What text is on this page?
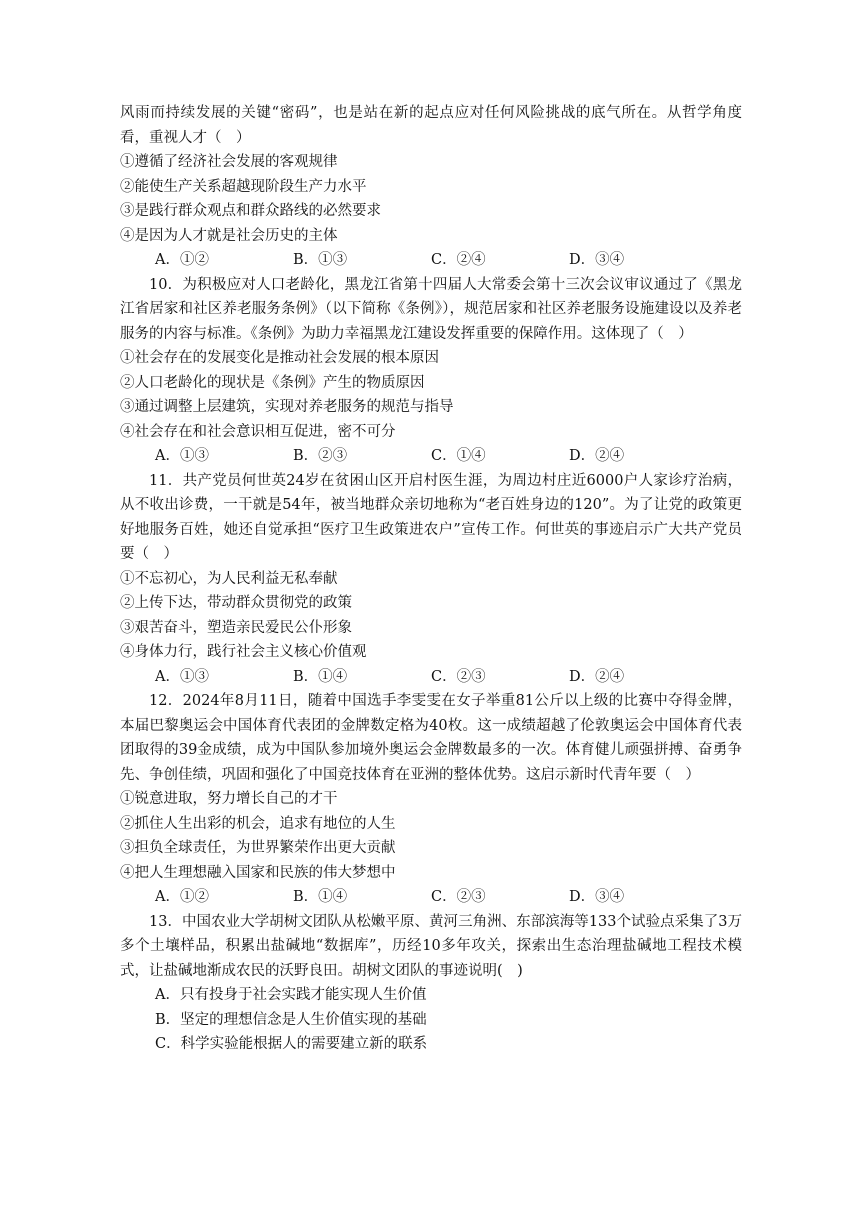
风雨而持续发展的关键“密码”，也是站在新的起点应对任何风险挑战的底气所在。从哲学角度看，重视人才（　）

①遵循了经济社会发展的客观规律

②能使生产关系超越现阶段生产力水平

③是践行群众观点和群众路线的必然要求

④是因为人才就是社会历史的主体

A．①②	B．①③	C．②④	D．③④

10．为积极应对人口老龄化，黑龙江省第十四届人大常委会第十三次会议审议通过了《黑龙江省居家和社区养老服务条例》（以下简称《条例》），规范居家和社区养老服务设施建设以及养老服务的内容与标准。《条例》为助力幸福黑龙江建设发挥重要的保障作用。这体现了（　）

①社会存在的发展变化是推动社会发展的根本原因

②人口老龄化的现状是《条例》产生的物质原因

③通过调整上层建筑，实现对养老服务的规范与指导

④社会存在和社会意识相互促进，密不可分

A．①③	B．②③	C．①④	D．②④

11．共产党员何世英24岁在贫困山区开启村医生涯，为周边村庄近6000户人家诊疗治病，从不收出诊费，一干就是54年，被当地群众亲切地称为“老百姓身边的120”。为了让党的政策更好地服务百姓，她还自觉承担“医疗卫生政策进农户”宣传工作。何世英的事迹启示广大共产党员要（　）

①不忘初心，为人民利益无私奉献

②上传下达，带动群众贯彻党的政策

③艰苦奋斗，塑造亲民爱民公仆形象

④身体力行，践行社会主义核心价值观

A．①③	B．①④	C．②③	D．②④

12．2024年8月11日，随着中国选手李雯雯在女子举重81公斤以上级的比赛中夺得金牌，本届巴黎奥运会中国体育代表团的金牌数定格为40枚。这一成绩超越了伦敦奥运会中国体育代表团取得的39金成绩，成为中国队参加境外奥运会金牌数最多的一次。体育健儿顽强拼搏、奋勇争先、争创佳绩，巩固和强化了中国竞技体育在亚洲的整体优势。这启示新时代青年要（　）

①锐意进取，努力增长自己的才干

②抓住人生出彩的机会，追求有地位的人生

③担负全球责任，为世界繁荣作出更大贡献

④把人生理想融入国家和民族的伟大梦想中

A．①②	B．①④	C．②③	D．③④

13．中国农业大学胡树文团队从松嫩平原、黄河三角洲、东部滨海等133个试验点采集了3万多个土壤样品，积累出盐碱地“数据库”，历经10多年攻关，探索出生态治理盐碱地工程技术模式，让盐碱地渐成农民的沃野良田。胡树文团队的事迹说明(　)

A．只有投身于社会实践才能实现人生价值

B．坚定的理想信念是人生价值实现的基础

C．科学实验能根据人的需要建立新的联系
